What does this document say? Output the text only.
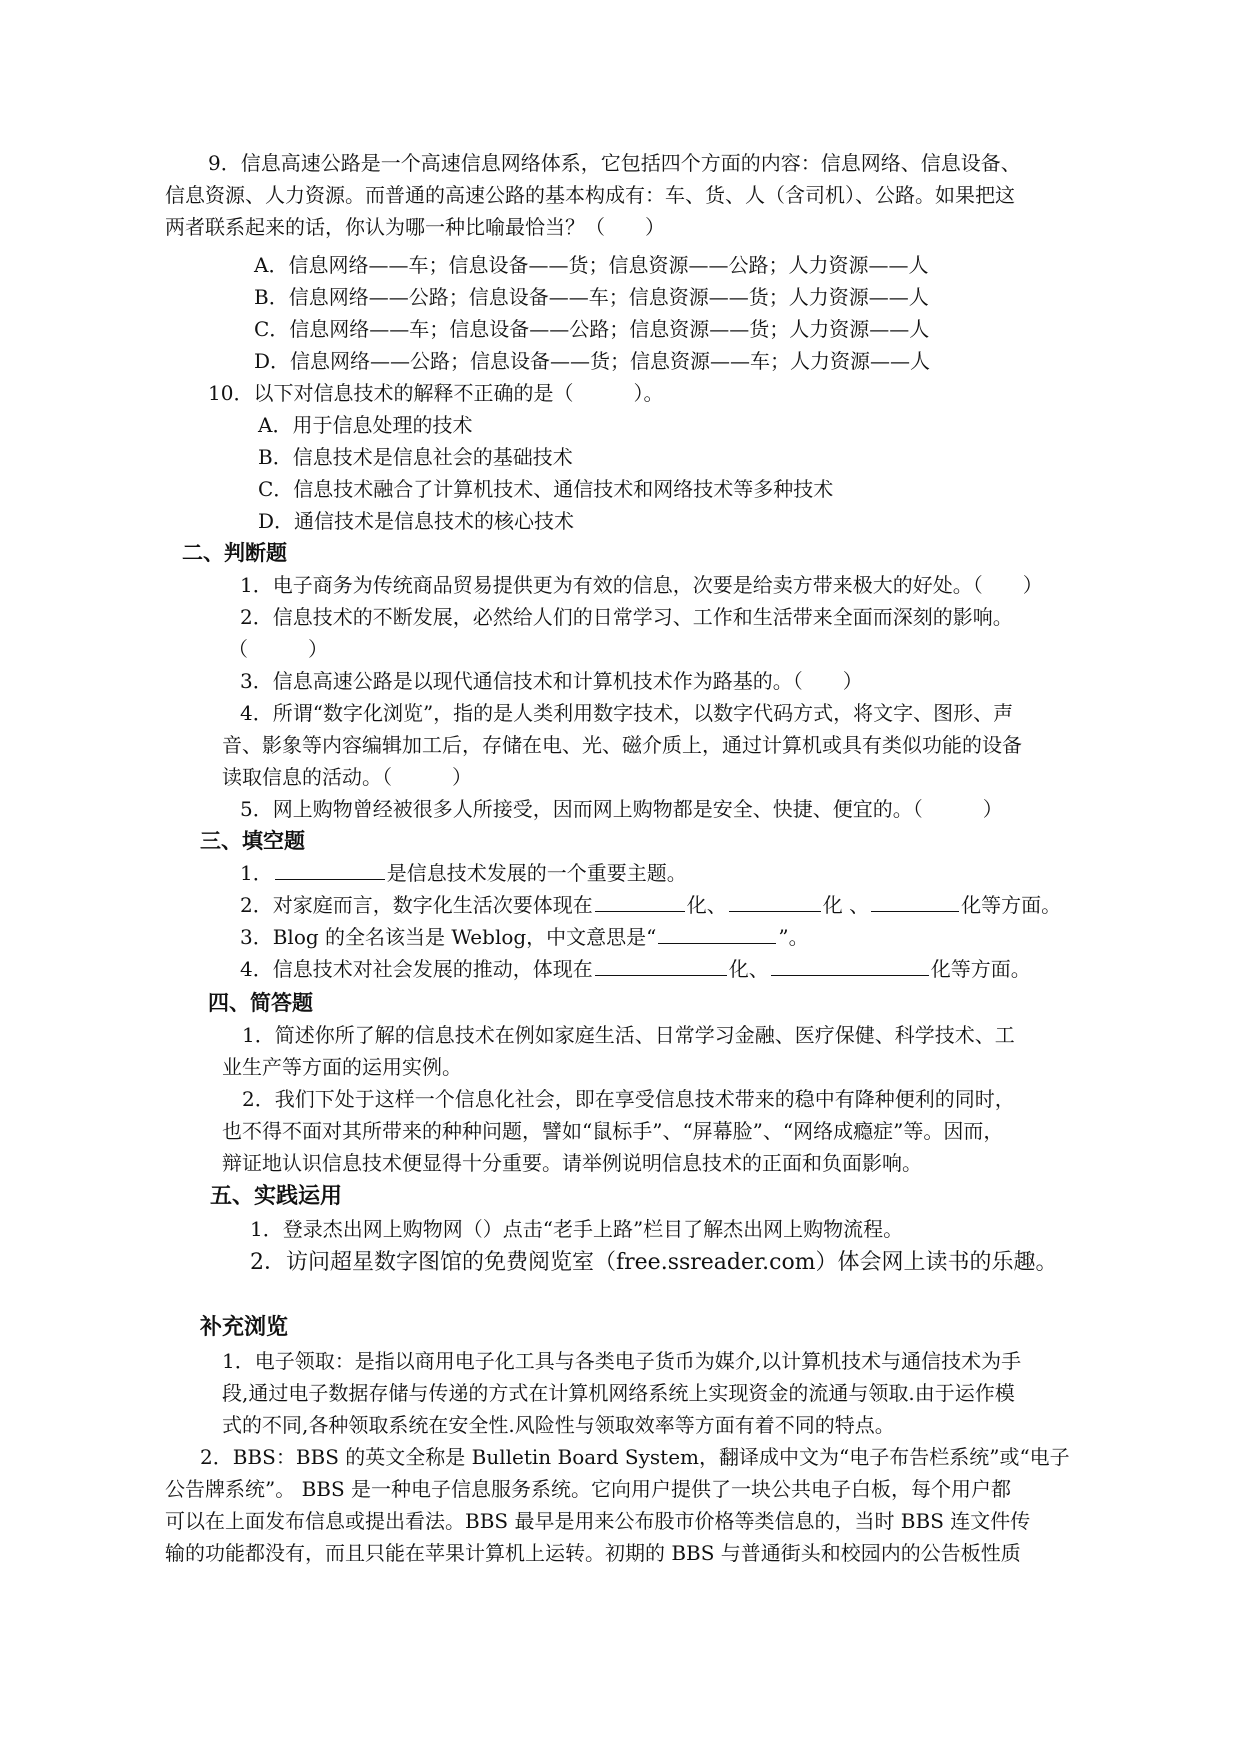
9．信息高速公路是一个高速信息网络体系，它包括四个方面的内容：信息网络、信息设备、
信息资源、人力资源。而普通的高速公路的基本构成有：车、货、人（含司机）、公路。如果把这
两者联系起来的话，你认为哪一种比喻最恰当？（　　）
A．信息网络——车；信息设备——货；信息资源——公路；人力资源——人
B．信息网络——公路；信息设备——车；信息资源——货；人力资源——人
C．信息网络——车；信息设备——公路；信息资源——货；人力资源——人
D．信息网络——公路；信息设备——货；信息资源——车；人力资源——人
10．以下对信息技术的解释不正确的是（　　　）。
A．用于信息处理的技术
B．信息技术是信息社会的基础技术
C．信息技术融合了计算机技术、通信技术和网络技术等多种技术
D．通信技术是信息技术的核心技术
二、判断题
1．电子商务为传统商品贸易提供更为有效的信息，次要是给卖方带来极大的好处。（　　）
2．信息技术的不断发展，必然给人们的日常学习、工作和生活带来全面而深刻的影响。
（　　　）
3．信息高速公路是以现代通信技术和计算机技术作为路基的。（　　）
4．所谓“数字化浏览”，指的是人类利用数字技术，以数字代码方式，将文字、图形、声
音、影象等内容编辑加工后，存储在电、光、磁介质上，通过计算机或具有类似功能的设备
读取信息的活动。（　　　）
5．网上购物曾经被很多人所接受，因而网上购物都是安全、快捷、便宜的。（　　　）
三、填空题
1．	是信息技术发展的一个重要主题。
2．对家庭而言，数字化生活次要体现在	化、	化 、	化等方面。
3．Blog 的全名该当是 Weblog，中文意思是“	”。
4．信息技术对社会发展的推动，体现在	化、	化等方面。
四、简答题
1．简述你所了解的信息技术在例如家庭生活、日常学习金融、医疗保健、科学技术、工
业生产等方面的运用实例。
2．我们下处于这样一个信息化社会，即在享受信息技术带来的稳中有降种便利的同时，
也不得不面对其所带来的种种问题，譬如“鼠标手”、“屏幕脸”、“网络成瘾症”等。因而，
辩证地认识信息技术便显得十分重要。请举例说明信息技术的正面和负面影响。
五、实践运用
1．登录杰出网上购物网（）点击“老手上路”栏目了解杰出网上购物流程。
2．访问超星数字图馆的免费阅览室（free.ssreader.com）体会网上读书的乐趣。
补充浏览
1．电子领取：是指以商用电子化工具与各类电子货币为媒介,以计算机技术与通信技术为手
段,通过电子数据存储与传递的方式在计算机网络系统上实现资金的流通与领取.由于运作模
式的不同,各种领取系统在安全性.风险性与领取效率等方面有着不同的特点。
2．BBS：BBS 的英文全称是 Bulletin Board System，翻译成中文为“电子布告栏系统”或“电子
公告牌系统”。 BBS 是一种电子信息服务系统。它向用户提供了一块公共电子白板，每个用户都
可以在上面发布信息或提出看法。BBS 最早是用来公布股市价格等类信息的，当时 BBS 连文件传
输的功能都没有，而且只能在苹果计算机上运转。初期的 BBS 与普通街头和校园内的公告板性质
